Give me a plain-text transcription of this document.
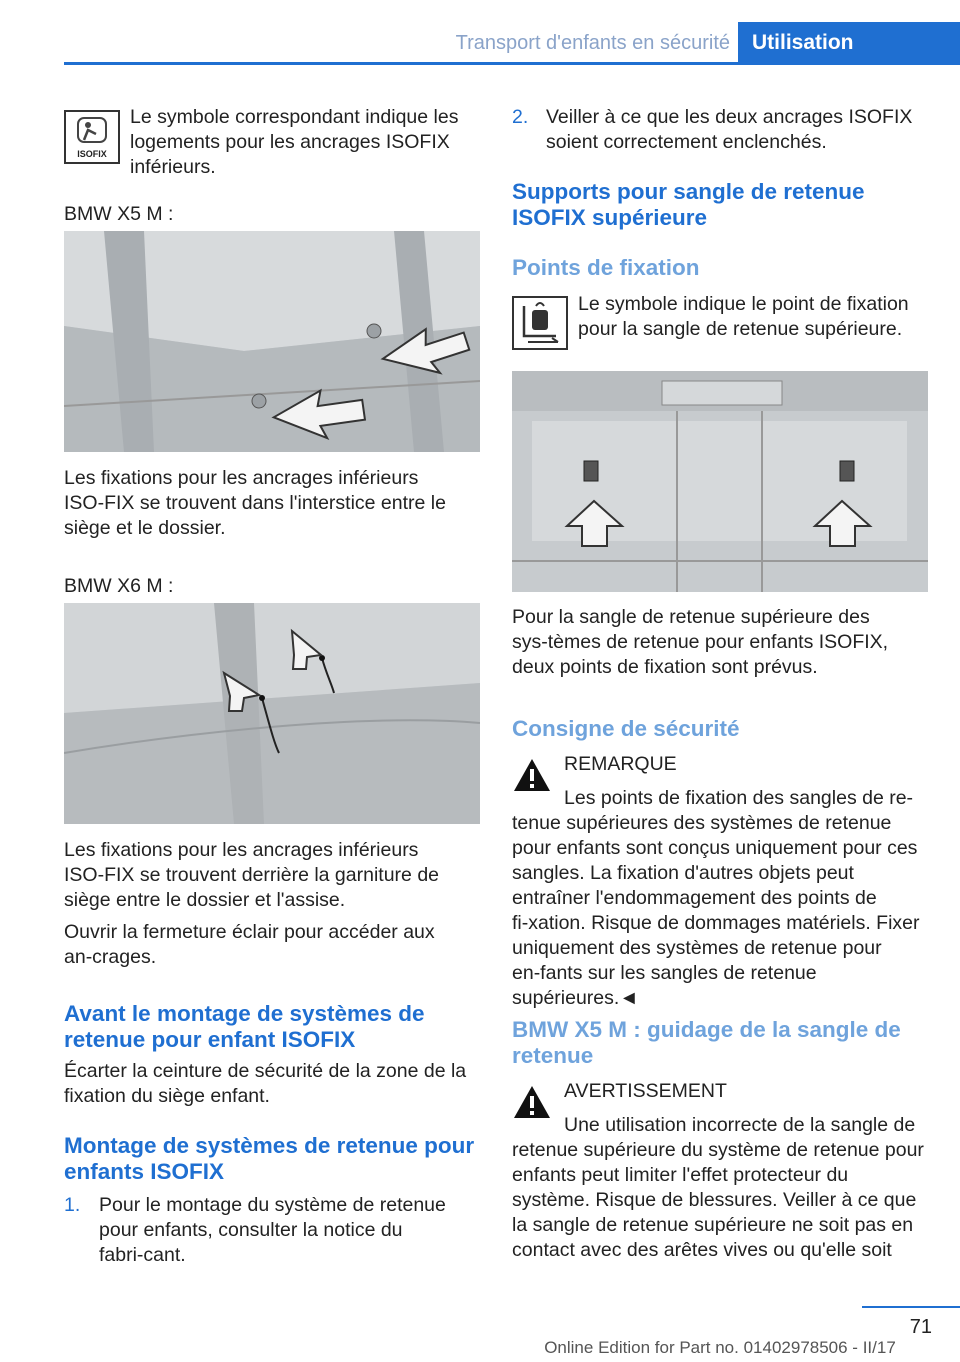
Transport d'enfants en sécurité	Utilisation
ISOFIX
Le symbole correspondant indique les logements pour les ancrages ISOFIX inférieurs.
BMW X5 M :
Les fixations pour les ancrages inférieurs ISO‑FIX se trouvent dans l'interstice entre le siège et le dossier.
BMW X6 M :
Les fixations pour les ancrages inférieurs ISO‑FIX se trouvent derrière la garniture de siège entre le dossier et l'assise.
Ouvrir la fermeture éclair pour accéder aux an‑crages.
Avant le montage de systèmes de retenue pour enfant ISOFIX
Écarter la ceinture de sécurité de la zone de la fixation du siège enfant.
Montage de systèmes de retenue pour enfants ISOFIX
1. Pour le montage du système de retenue pour enfants, consulter la notice du fabri‑cant.
2. Veiller à ce que les deux ancrages ISOFIX soient correctement enclenchés.
Supports pour sangle de retenue ISOFIX supérieure
Points de fixation
Le symbole indique le point de fixation pour la sangle de retenue supérieure.
Pour la sangle de retenue supérieure des sys‑tèmes de retenue pour enfants ISOFIX, deux points de fixation sont prévus.
Consigne de sécurité
REMARQUE
Les points de fixation des sangles de re‑
tenue supérieures des systèmes de retenue pour enfants sont conçus uniquement pour ces sangles. La fixation d'autres objets peut entraîner l'endommagement des points de fi‑xation. Risque de dommages matériels. Fixer uniquement des systèmes de retenue pour en‑fants sur les sangles de retenue supérieures.◄
BMW X5 M : guidage de la sangle de retenue
AVERTISSEMENT
Une utilisation incorrecte de la sangle de
retenue supérieure du système de retenue pour enfants peut limiter l'effet protecteur du système. Risque de blessures. Veiller à ce que la sangle de retenue supérieure ne soit pas en contact avec des arêtes vives ou qu'elle soit
71
Online Edition for Part no. 01402978506 - II/17
